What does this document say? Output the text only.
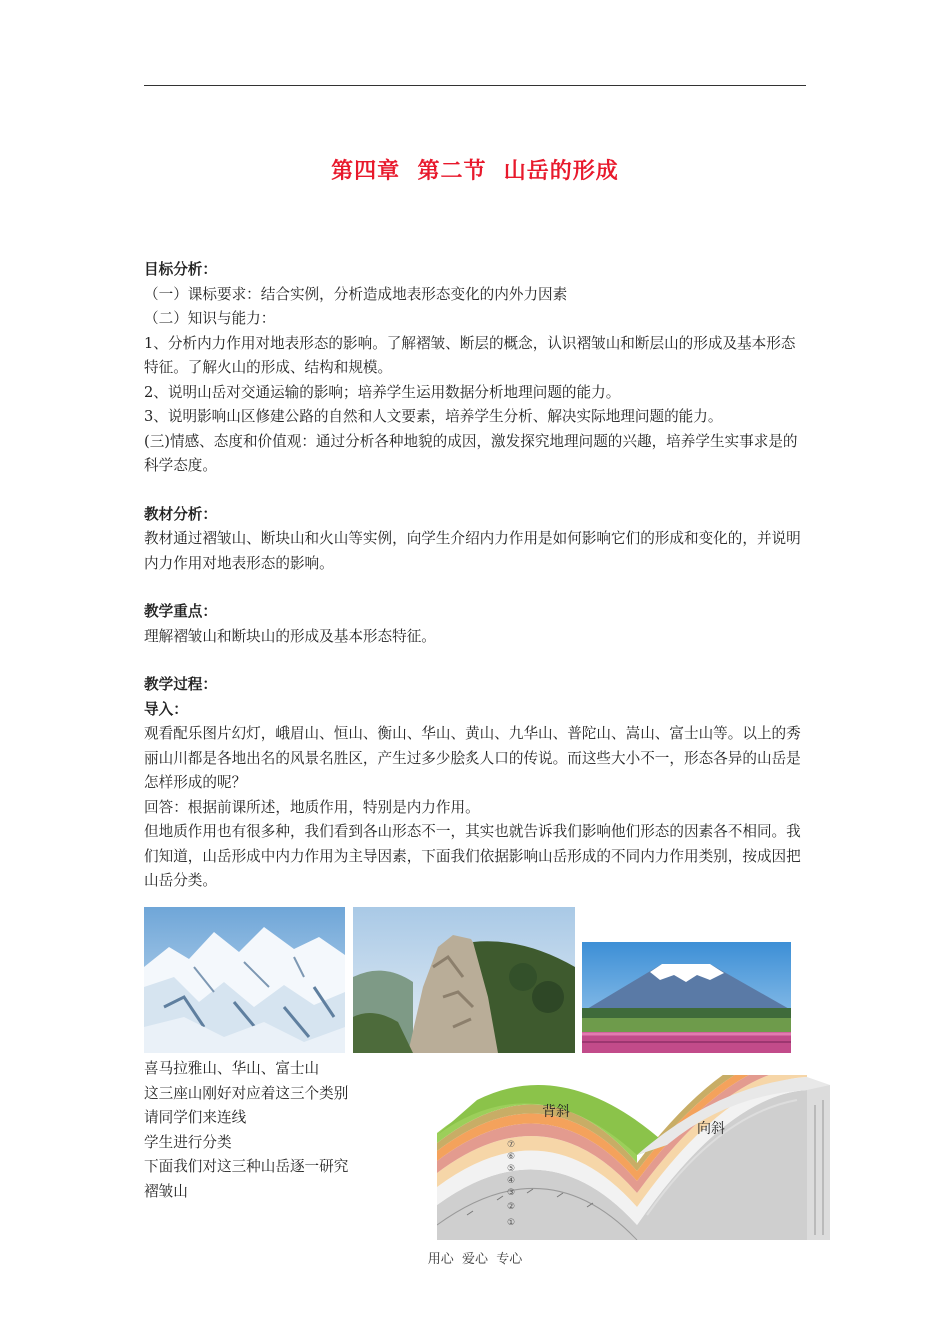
第四章  第二节  山岳的形成

目标分析：

（一）课标要求：结合实例，分析造成地表形态变化的内外力因素

（二）知识与能力：

1、分析内力作用对地表形态的影响。了解褶皱、断层的概念，认识褶皱山和断层山的形成及基本形态特征。了解火山的形成、结构和规模。

2、说明山岳对交通运输的影响；培养学生运用数据分析地理问题的能力。

3、说明影响山区修建公路的自然和人文要素，培养学生分析、解决实际地理问题的能力。

(三)情感、态度和价值观：通过分析各种地貌的成因，激发探究地理问题的兴趣，培养学生实事求是的科学态度。

教材分析：

教材通过褶皱山、断块山和火山等实例，向学生介绍内力作用是如何影响它们的形成和变化的，并说明内力作用对地表形态的影响。

教学重点：

理解褶皱山和断块山的形成及基本形态特征。

教学过程：

导入：

观看配乐图片幻灯，峨眉山、恒山、衡山、华山、黄山、九华山、普陀山、嵩山、富士山等。以上的秀丽山川都是各地出名的风景名胜区，产生过多少脍炙人口的传说。而这些大小不一，形态各异的山岳是怎样形成的呢？

回答：根据前课所述，地质作用，特别是内力作用。

但地质作用也有很多种，我们看到各山形态不一，其实也就告诉我们影响他们形态的因素各不相同。我们知道，山岳形成中内力作用为主导因素，下面我们依据影响山岳形成的不同内力作用类别，按成因把山岳分类。

喜马拉雅山、华山、富士山

这三座山刚好对应着这三个类别

请同学们来连线

学生进行分类

下面我们对这三种山岳逐一研究

褶皱山

⑦
⑥
⑤
④
③
②
①
背斜
向斜
用心  爱心  专心
